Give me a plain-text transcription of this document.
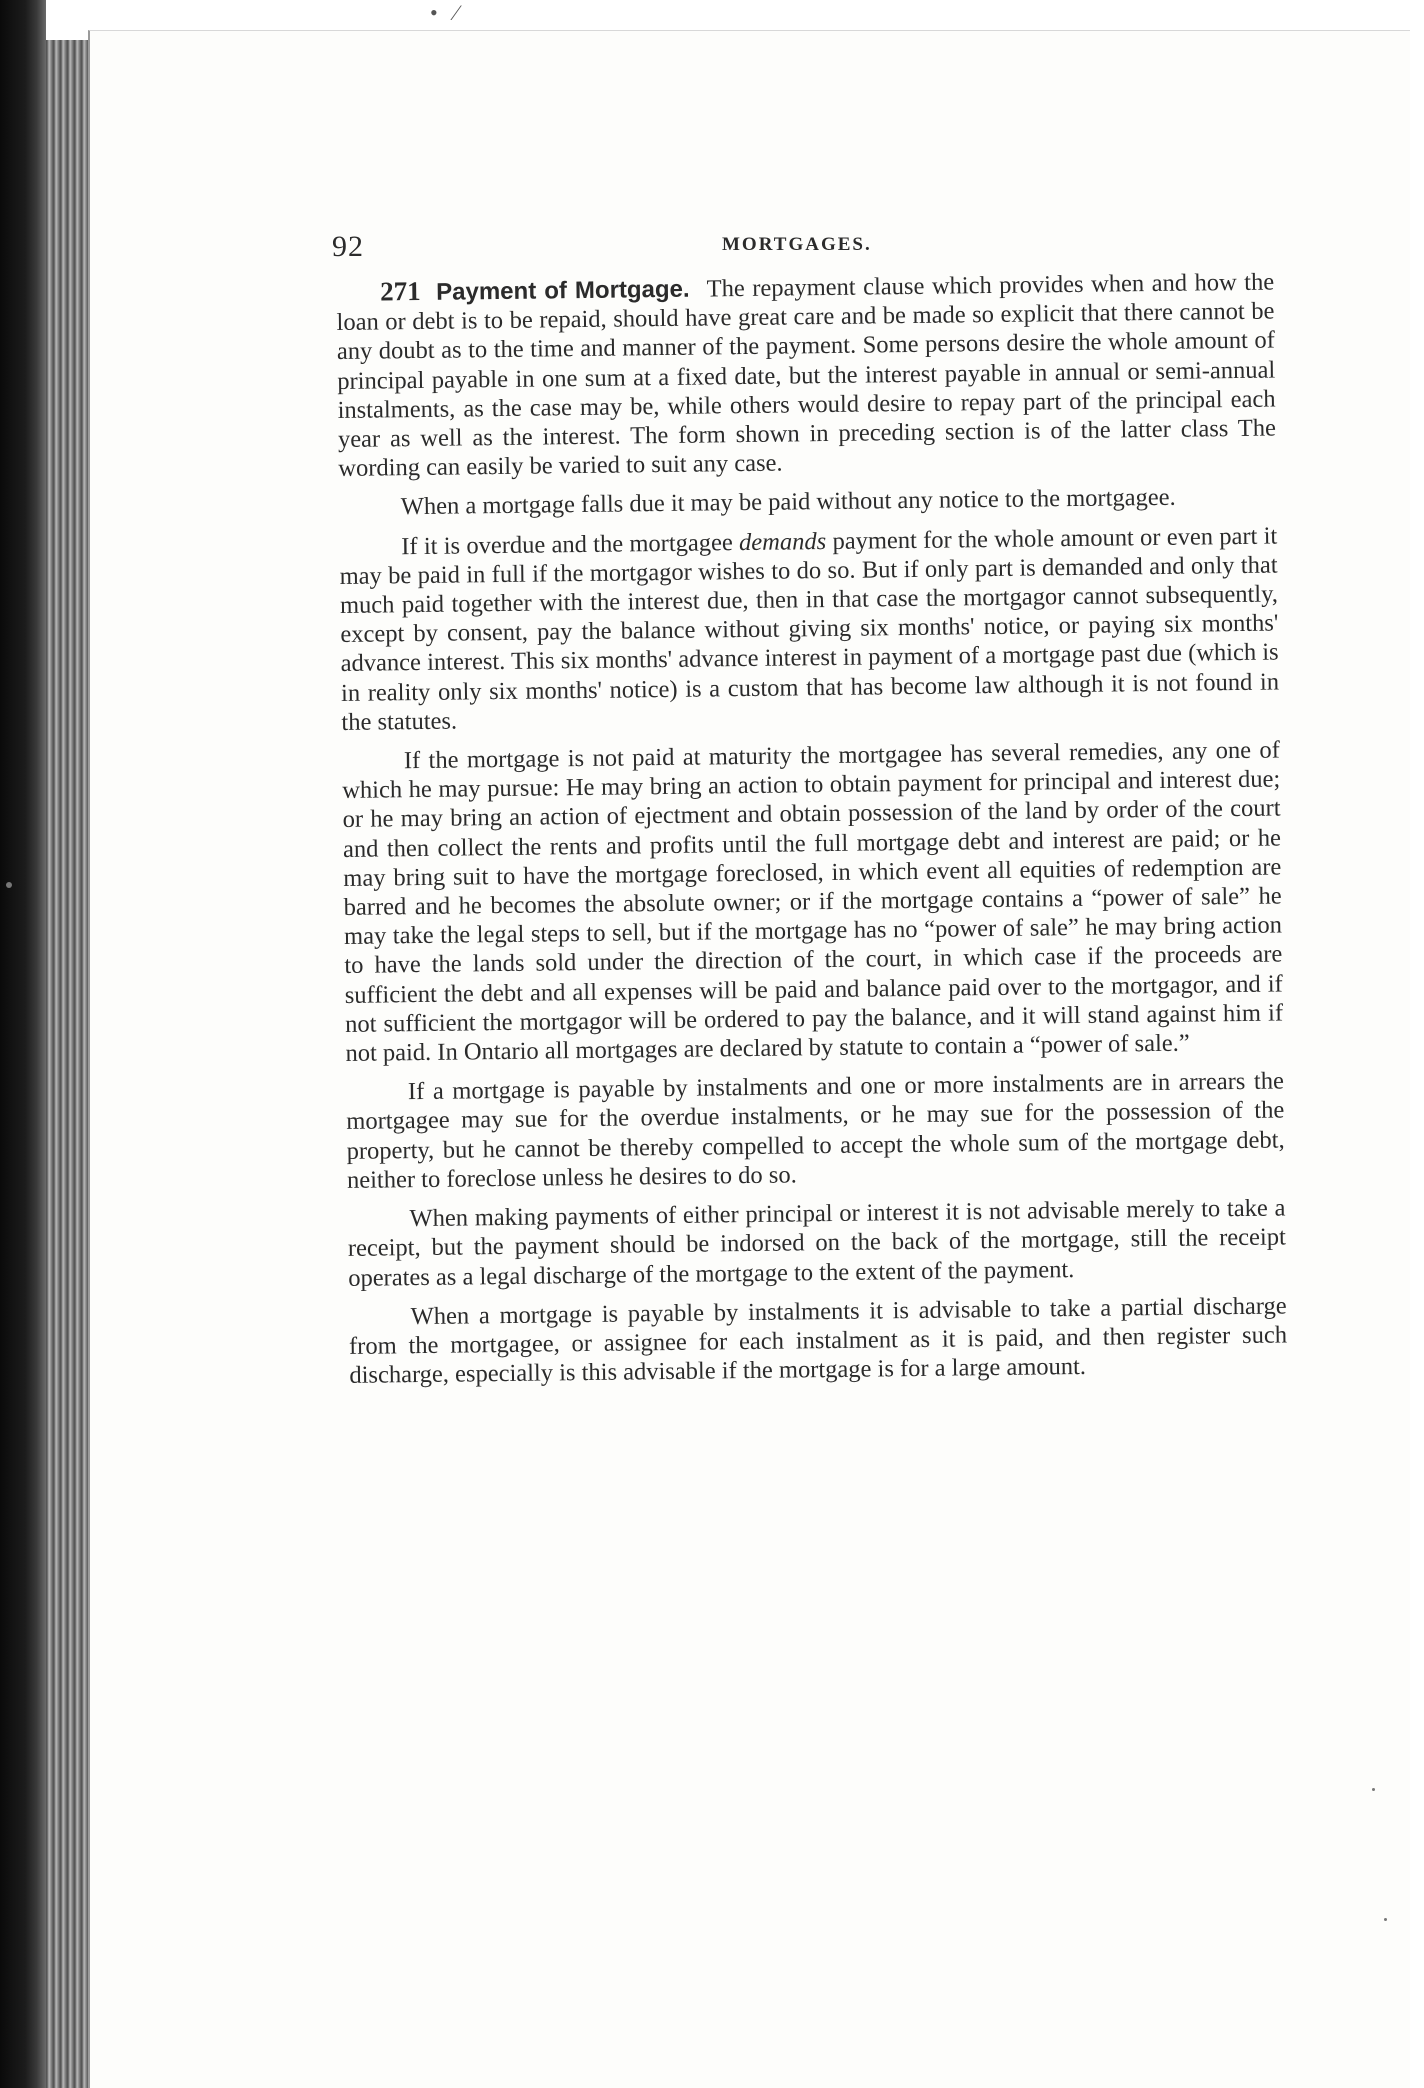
•   ⁄
92	MORTGAGES.

271 Payment of Mortgage. The repayment clause which provides when and how the loan or debt is to be repaid, should have great care and be made so explicit that there cannot be any doubt as to the time and manner of the payment. Some persons desire the whole amount of principal payable in one sum at a fixed date, but the interest payable in annual or semi-annual instalments, as the case may be, while others would desire to repay part of the principal each year as well as the interest. The form shown in preceding section is of the latter class The wording can easily be varied to suit any case.

When a mortgage falls due it may be paid without any notice to the mortgagee.

If it is overdue and the mortgagee demands payment for the whole amount or even part it may be paid in full if the mortgagor wishes to do so. But if only part is demanded and only that much paid together with the interest due, then in that case the mortgagor cannot subsequently, except by consent, pay the balance without giving six months' notice, or paying six months' advance interest. This six months' advance interest in payment of a mortgage past due (which is in reality only six months' notice) is a custom that has become law although it is not found in the statutes.

If the mortgage is not paid at maturity the mortgagee has several remedies, any one of which he may pursue: He may bring an action to obtain payment for principal and interest due; or he may bring an action of ejectment and obtain possession of the land by order of the court and then collect the rents and profits until the full mortgage debt and interest are paid; or he may bring suit to have the mortgage foreclosed, in which event all equities of redemption are barred and he becomes the absolute owner; or if the mortgage contains a “power of sale” he may take the legal steps to sell, but if the mortgage has no “power of sale” he may bring action to have the lands sold under the direction of the court, in which case if the proceeds are sufficient the debt and all expenses will be paid and balance paid over to the mortgagor, and if not sufficient the mortgagor will be ordered to pay the balance, and it will stand against him if not paid. In Ontario all mortgages are declared by statute to contain a “power of sale.”

If a mortgage is payable by instalments and one or more instalments are in arrears the mortgagee may sue for the overdue instalments, or he may sue for the possession of the property, but he cannot be thereby compelled to accept the whole sum of the mortgage debt, neither to foreclose unless he desires to do so.

When making payments of either principal or interest it is not advisable merely to take a receipt, but the payment should be indorsed on the back of the mortgage, still the receipt operates as a legal discharge of the mortgage to the extent of the payment.

When a mortgage is payable by instalments it is advisable to take a partial discharge from the mortgagee, or assignee for each instalment as it is paid, and then register such discharge, especially is this advisable if the mortgage is for a large amount.
